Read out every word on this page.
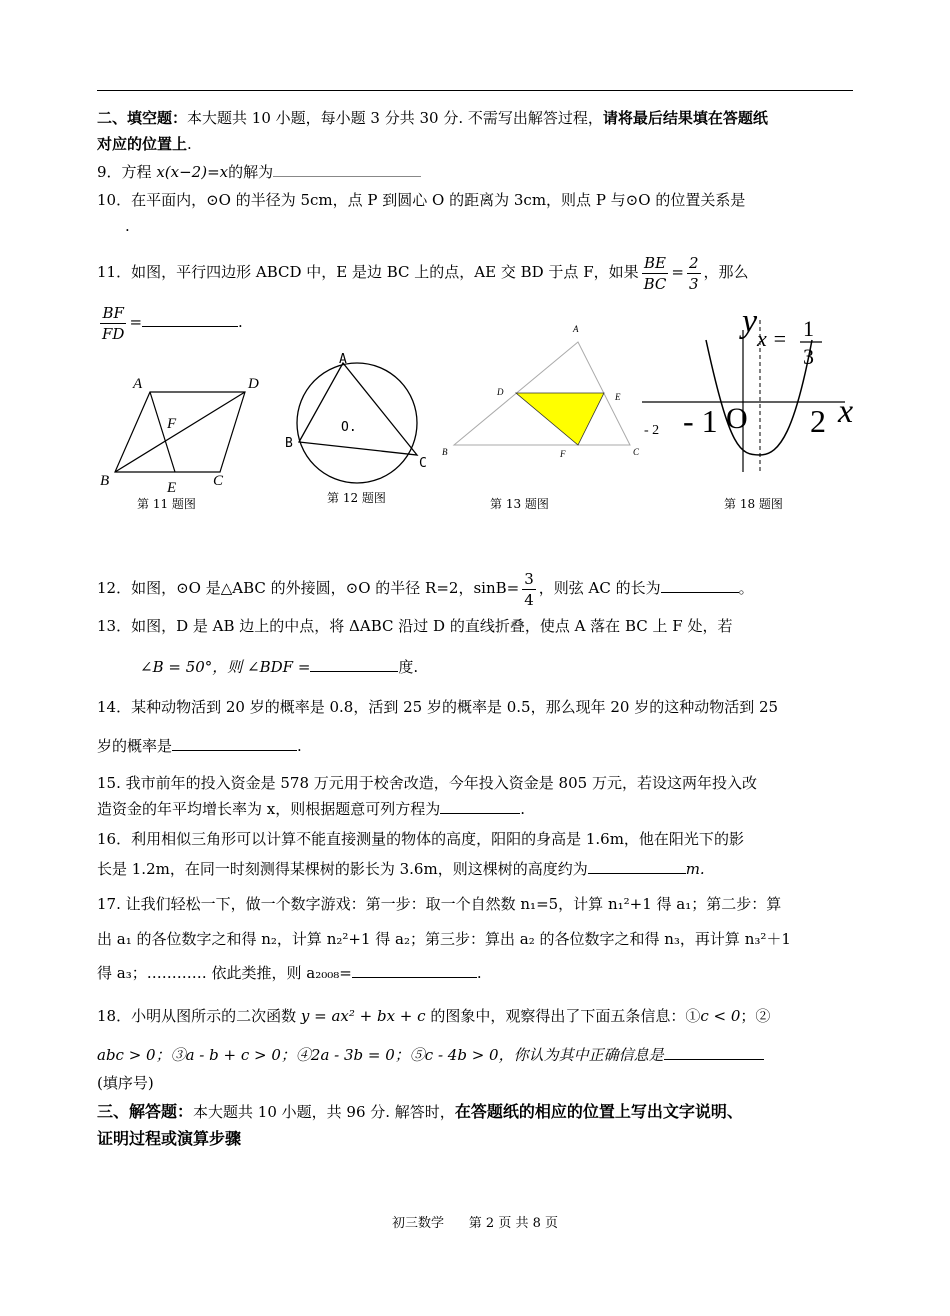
二、填空题：本大题共 10 小题，每小题 3 分共 30 分. 不需写出解答过程，请将最后结果填在答题纸
对应的位置上.
9．方程 x(x−2)=x的解为
10．在平面内，⊙O 的半径为 5cm，点 P 到圆心 O 的距离为 3cm，则点 P 与⊙O 的位置关系是
.
11．如图，平行四边形 ABCD 中，E 是边 BC 上的点，AE 交 BD 于点 F，如果 $\frac{BE}{BC} = \frac{2}{3}$ ，那么
$\frac{BF}{FD}$ =	.
A	D
B	C
E
F
第 11 题图
A
B
C
O.
第 12 题图
A
D	E
B	C
F
第 13 题图
y x = 1
3
x
- 1 O 2
- 2
第 18 题图
12．如图，⊙O 是△ABC 的外接圆，⊙O 的半径 R=2，$\sin B= \frac{3}{4}$ ，则弦 AC 的长为	。
13．如图，D 是 AB 边上的中点，将 ΔABC 沿过 D 的直线折叠，使点 A 落在 BC 上 F 处，若
∠B = 50°，则 ∠BDF =	度.
14．某种动物活到 20 岁的概率是 0.8，活到 25 岁的概率是 0.5，那么现年 20 岁的这种动物活到 25
岁的概率是	.
15. 我市前年的投入资金是 578 万元用于校舍改造，今年投入资金是 805 万元，若设这两年投入改
造资金的年平均增长率为 x，则根据题意可列方程为	.
16．利用相似三角形可以计算不能直接测量的物体的高度，阳阳的身高是 1.6m，他在阳光下的影
长是 1.2m，在同一时刻测得某棵树的影长为 3.6m，则这棵树的高度约为	m.
17. 让我们轻松一下，做一个数字游戏：第一步：取一个自然数 n₁=5，计算 n₁²+1 得 a₁；第二步：算
出 a₁ 的各位数字之和得 n₂，计算 n₂²+1 得 a₂；第三步：算出 a₂ 的各位数字之和得 n₃，再计算 n₃²＋1
得 a₃；………… 依此类推，则 a₂₀₀₈=	.
18．小明从图所示的二次函数 y = ax² + bx + c 的图象中，观察得出了下面五条信息：①c < 0；②
abc > 0；③a - b + c > 0；④2a - 3b = 0；⑤c - 4b > 0，你认为其中正确信息是
(填序号)
三、解答题：本大题共 10 小题，共 96 分. 解答时，在答题纸的相应的位置上写出文字说明、
证明过程或演算步骤
初三数学 第 2 页 共 8 页
